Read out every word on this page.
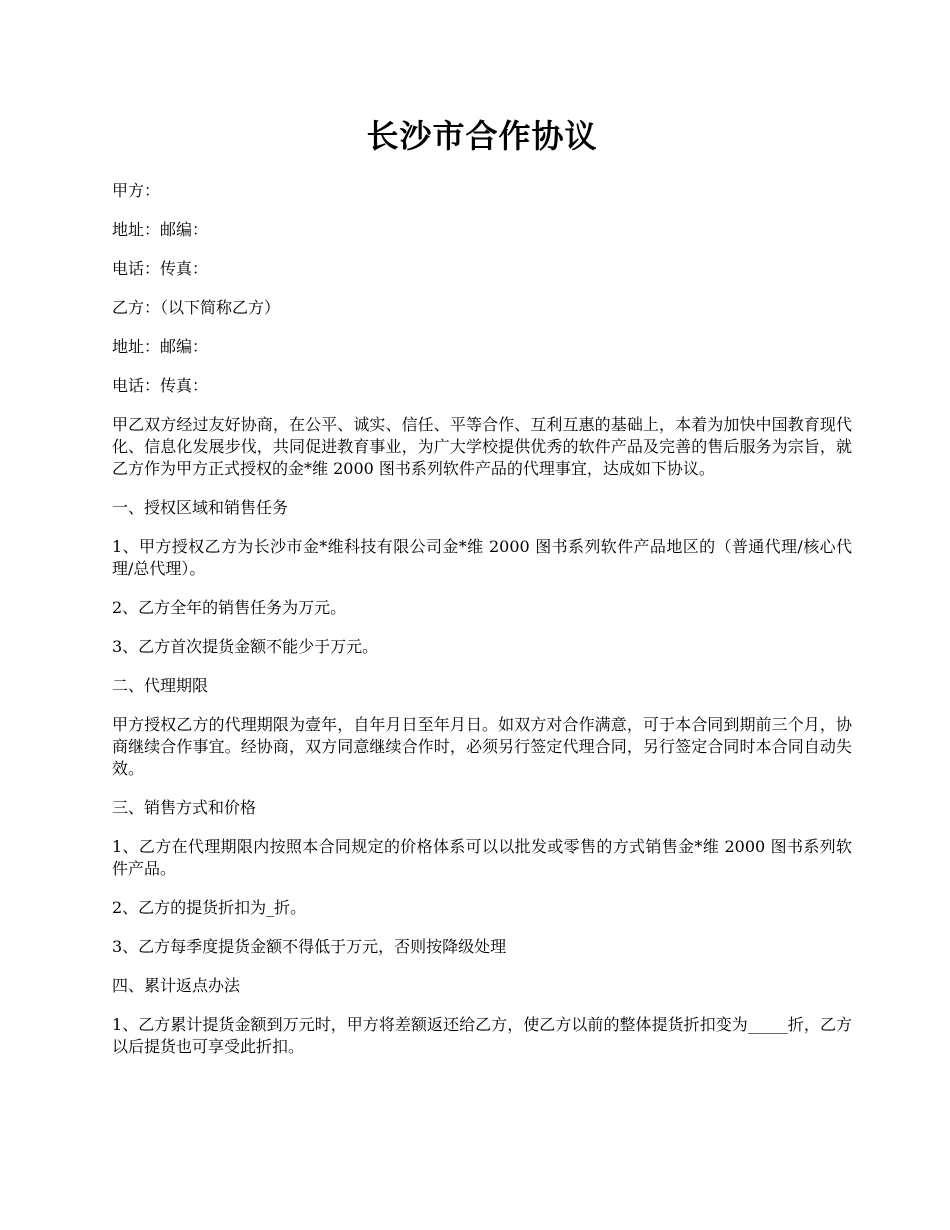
长沙市合作协议

甲方：

地址：邮编：

电话：传真：

乙方：（以下简称乙方）

地址：邮编：

电话：传真：

甲乙双方经过友好协商，在公平、诚实、信任、平等合作、互利互惠的基础上，本着为加快中国教育现代化、信息化发展步伐，共同促进教育事业，为广大学校提供优秀的软件产品及完善的售后服务为宗旨，就乙方作为甲方正式授权的金*维 2000 图书系列软件产品的代理事宜，达成如下协议。

一、授权区域和销售任务

1、甲方授权乙方为长沙市金*维科技有限公司金*维 2000 图书系列软件产品地区的（普通代理/核心代理/总代理）。

2、乙方全年的销售任务为万元。

3、乙方首次提货金额不能少于万元。

二、代理期限

甲方授权乙方的代理期限为壹年，自年月日至年月日。如双方对合作满意，可于本合同到期前三个月，协商继续合作事宜。经协商，双方同意继续合作时，必须另行签定代理合同，另行签定合同时本合同自动失效。

三、销售方式和价格

1、乙方在代理期限内按照本合同规定的价格体系可以以批发或零售的方式销售金*维 2000 图书系列软件产品。

2、乙方的提货折扣为_折。

3、乙方每季度提货金额不得低于万元，否则按降级处理

四、累计返点办法

1、乙方累计提货金额到万元时，甲方将差额返还给乙方，使乙方以前的整体提货折扣变为_____折，乙方以后提货也可享受此折扣。
